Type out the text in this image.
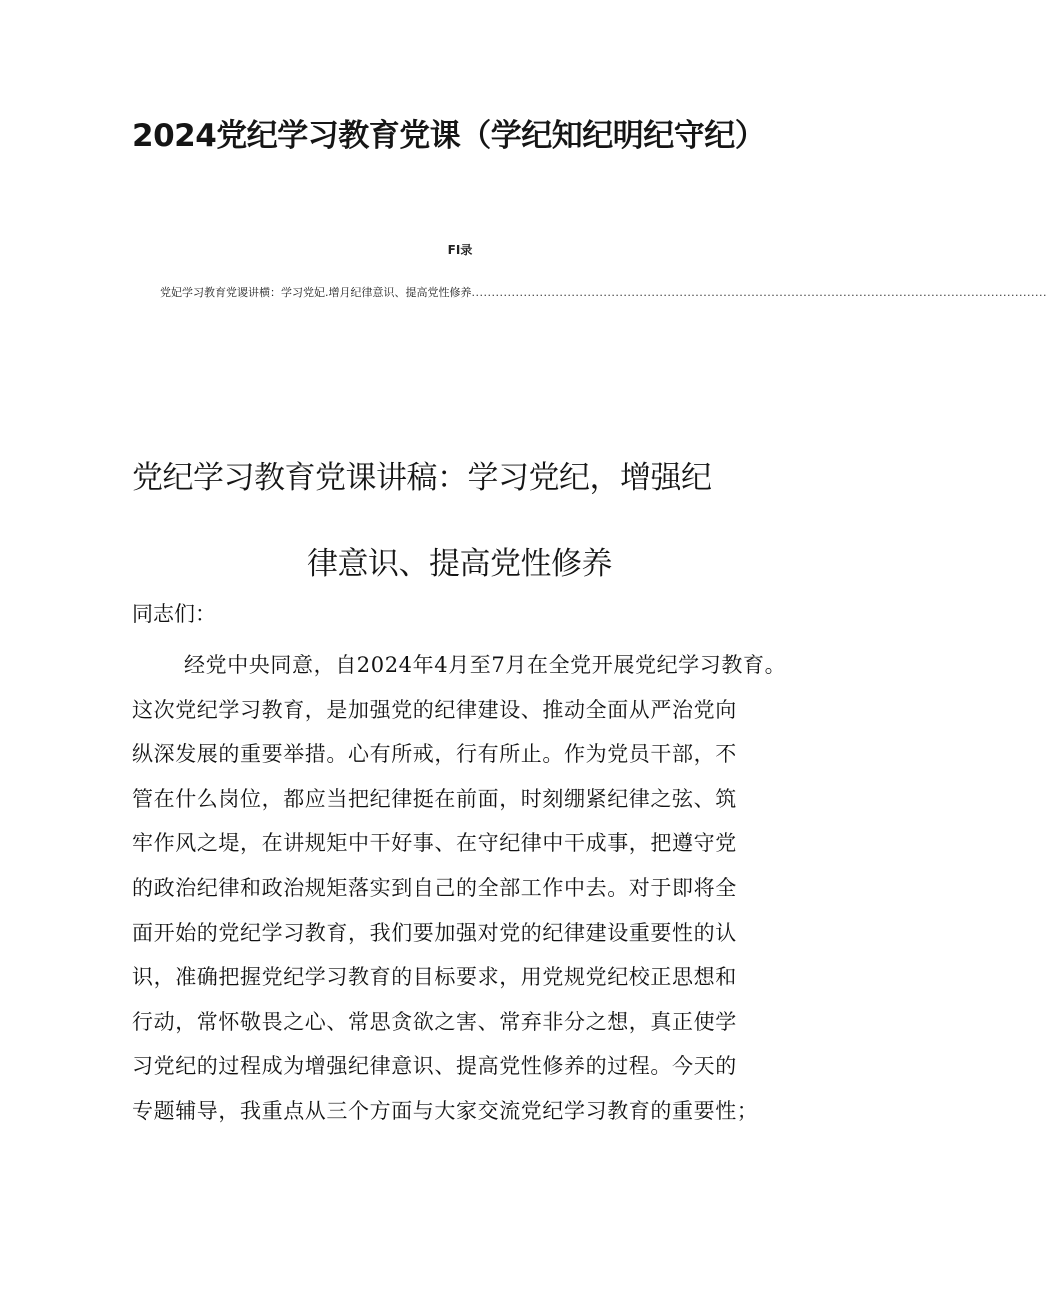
2024党纪学习教育党课（学纪知纪明纪守纪）
FI录
党妃学习教育党谡讲横：学习党妃.增月纪律意识、提高党性修养 ................................................................................................................................................
党纪学习教育党课讲稿：学习党纪，增强纪
律意识、提高党性修养
同志们：
经党中央同意，自2024年4月至7月在全党开展党纪学习教育。
这次党纪学习教育，是加强党的纪律建设、推动全面从严治党向
纵深发展的重要举措。心有所戒，行有所止。作为党员干部，不
管在什么岗位，都应当把纪律挺在前面，时刻绷紧纪律之弦、筑
牢作风之堤，在讲规矩中干好事、在守纪律中干成事，把遵守党
的政治纪律和政治规矩落实到自己的全部工作中去。对于即将全
面开始的党纪学习教育，我们要加强对党的纪律建设重要性的认
识，准确把握党纪学习教育的目标要求，用党规党纪校正思想和
行动，常怀敬畏之心、常思贪欲之害、常弃非分之想，真正使学
习党纪的过程成为增强纪律意识、提高党性修养的过程。今天的
专题辅导，我重点从三个方面与大家交流党纪学习教育的重要性；
